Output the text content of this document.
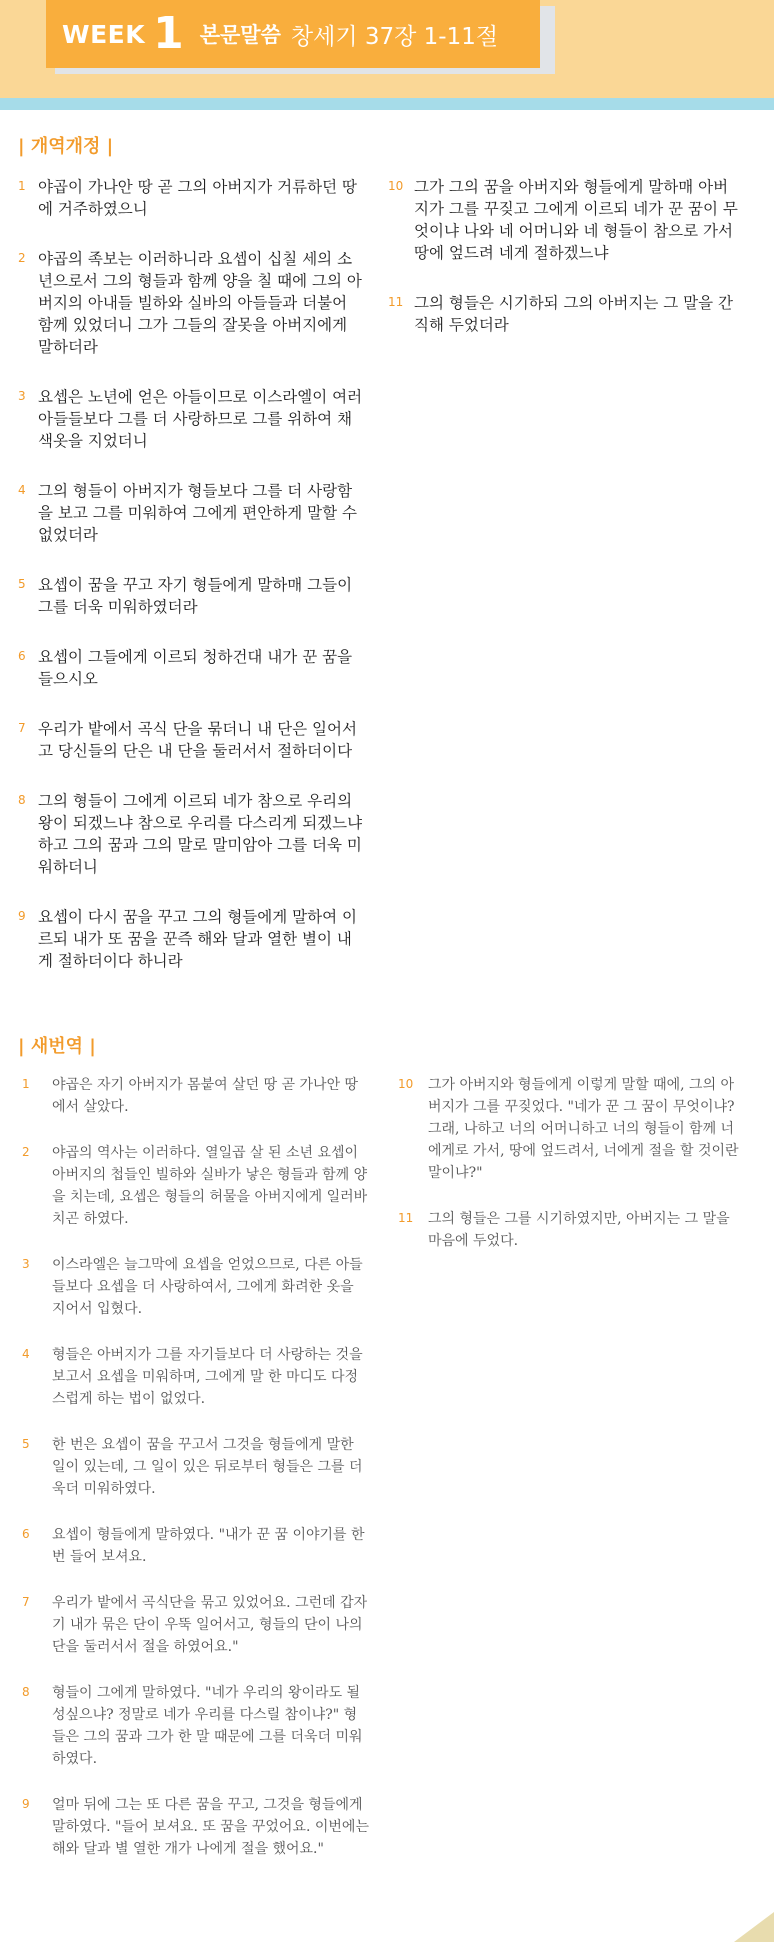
WEEK 1 본문말씀 창세기 37장 1-11절
| 개역개정 |
1 야곱이 가나안 땅 곧 그의 아버지가 거류하던 땅에 거주하였으니
2 야곱의 족보는 이러하니라 요셉이 십칠 세의 소년으로서 그의 형들과 함께 양을 칠 때에 그의 아버지의 아내들 빌하와 실바의 아들들과 더불어 함께 있었더니 그가 그들의 잘못을 아버지에게 말하더라
3 요셉은 노년에 얻은 아들이므로 이스라엘이 여러 아들들보다 그를 더 사랑하므로 그를 위하여 채색옷을 지었더니
4 그의 형들이 아버지가 형들보다 그를 더 사랑함을 보고 그를 미워하여 그에게 편안하게 말할 수 없었더라
5 요셉이 꿈을 꾸고 자기 형들에게 말하매 그들이 그를 더욱 미워하였더라
6 요셉이 그들에게 이르되 청하건대 내가 꾼 꿈을 들으시오
7 우리가 밭에서 곡식 단을 묶더니 내 단은 일어서고 당신들의 단은 내 단을 둘러서서 절하더이다
8 그의 형들이 그에게 이르되 네가 참으로 우리의 왕이 되겠느냐 참으로 우리를 다스리게 되겠느냐 하고 그의 꿈과 그의 말로 말미암아 그를 더욱 미워하더니
9 요셉이 다시 꿈을 꾸고 그의 형들에게 말하여 이르되 내가 또 꿈을 꾼즉 해와 달과 열한 별이 내게 절하더이다 하니라
10 그가 그의 꿈을 아버지와 형들에게 말하매 아버지가 그를 꾸짖고 그에게 이르되 네가 꾼 꿈이 무엇이냐 나와 네 어머니와 네 형들이 참으로 가서 땅에 엎드려 네게 절하겠느냐
11 그의 형들은 시기하되 그의 아버지는 그 말을 간직해 두었더라
| 새번역 |
1	야곱은 자기 아버지가 몸붙여 살던 땅 곧 가나안 땅에서 살았다.
2	야곱의 역사는 이러하다. 열일곱 살 된 소년 요셉이 아버지의 첩들인 빌하와 실바가 낳은 형들과 함께 양을 치는데, 요셉은 형들의 허물을 아버지에게 일러바치곤 하였다.
3	이스라엘은 늘그막에 요셉을 얻었으므로, 다른 아들들보다 요셉을 더 사랑하여서, 그에게 화려한 옷을 지어서 입혔다.
4	형들은 아버지가 그를 자기들보다 더 사랑하는 것을 보고서 요셉을 미워하며, 그에게 말 한 마디도 다정스럽게 하는 법이 없었다.
5	한 번은 요셉이 꿈을 꾸고서 그것을 형들에게 말한 일이 있는데, 그 일이 있은 뒤로부터 형들은 그를 더욱더 미워하였다.
6	요셉이 형들에게 말하였다. "내가 꾼 꿈 이야기를 한 번 들어 보셔요.
7	우리가 밭에서 곡식단을 묶고 있었어요. 그런데 갑자기 내가 묶은 단이 우뚝 일어서고, 형들의 단이 나의 단을 둘러서서 절을 하였어요."
8	형들이 그에게 말하였다. "네가 우리의 왕이라도 될 성싶으냐? 정말로 네가 우리를 다스릴 참이냐?" 형들은 그의 꿈과 그가 한 말 때문에 그를 더욱더 미워하였다.
9	얼마 뒤에 그는 또 다른 꿈을 꾸고, 그것을 형들에게 말하였다. "들어 보셔요. 또 꿈을 꾸었어요. 이번에는 해와 달과 별 열한 개가 나에게 절을 했어요."
10	그가 아버지와 형들에게 이렇게 말할 때에, 그의 아버지가 그를 꾸짖었다. "네가 꾼 그 꿈이 무엇이냐? 그래, 나하고 너의 어머니하고 너의 형들이 함께 너에게로 가서, 땅에 엎드려서, 너에게 절을 할 것이란 말이냐?"
11	그의 형들은 그를 시기하였지만, 아버지는 그 말을 마음에 두었다.
